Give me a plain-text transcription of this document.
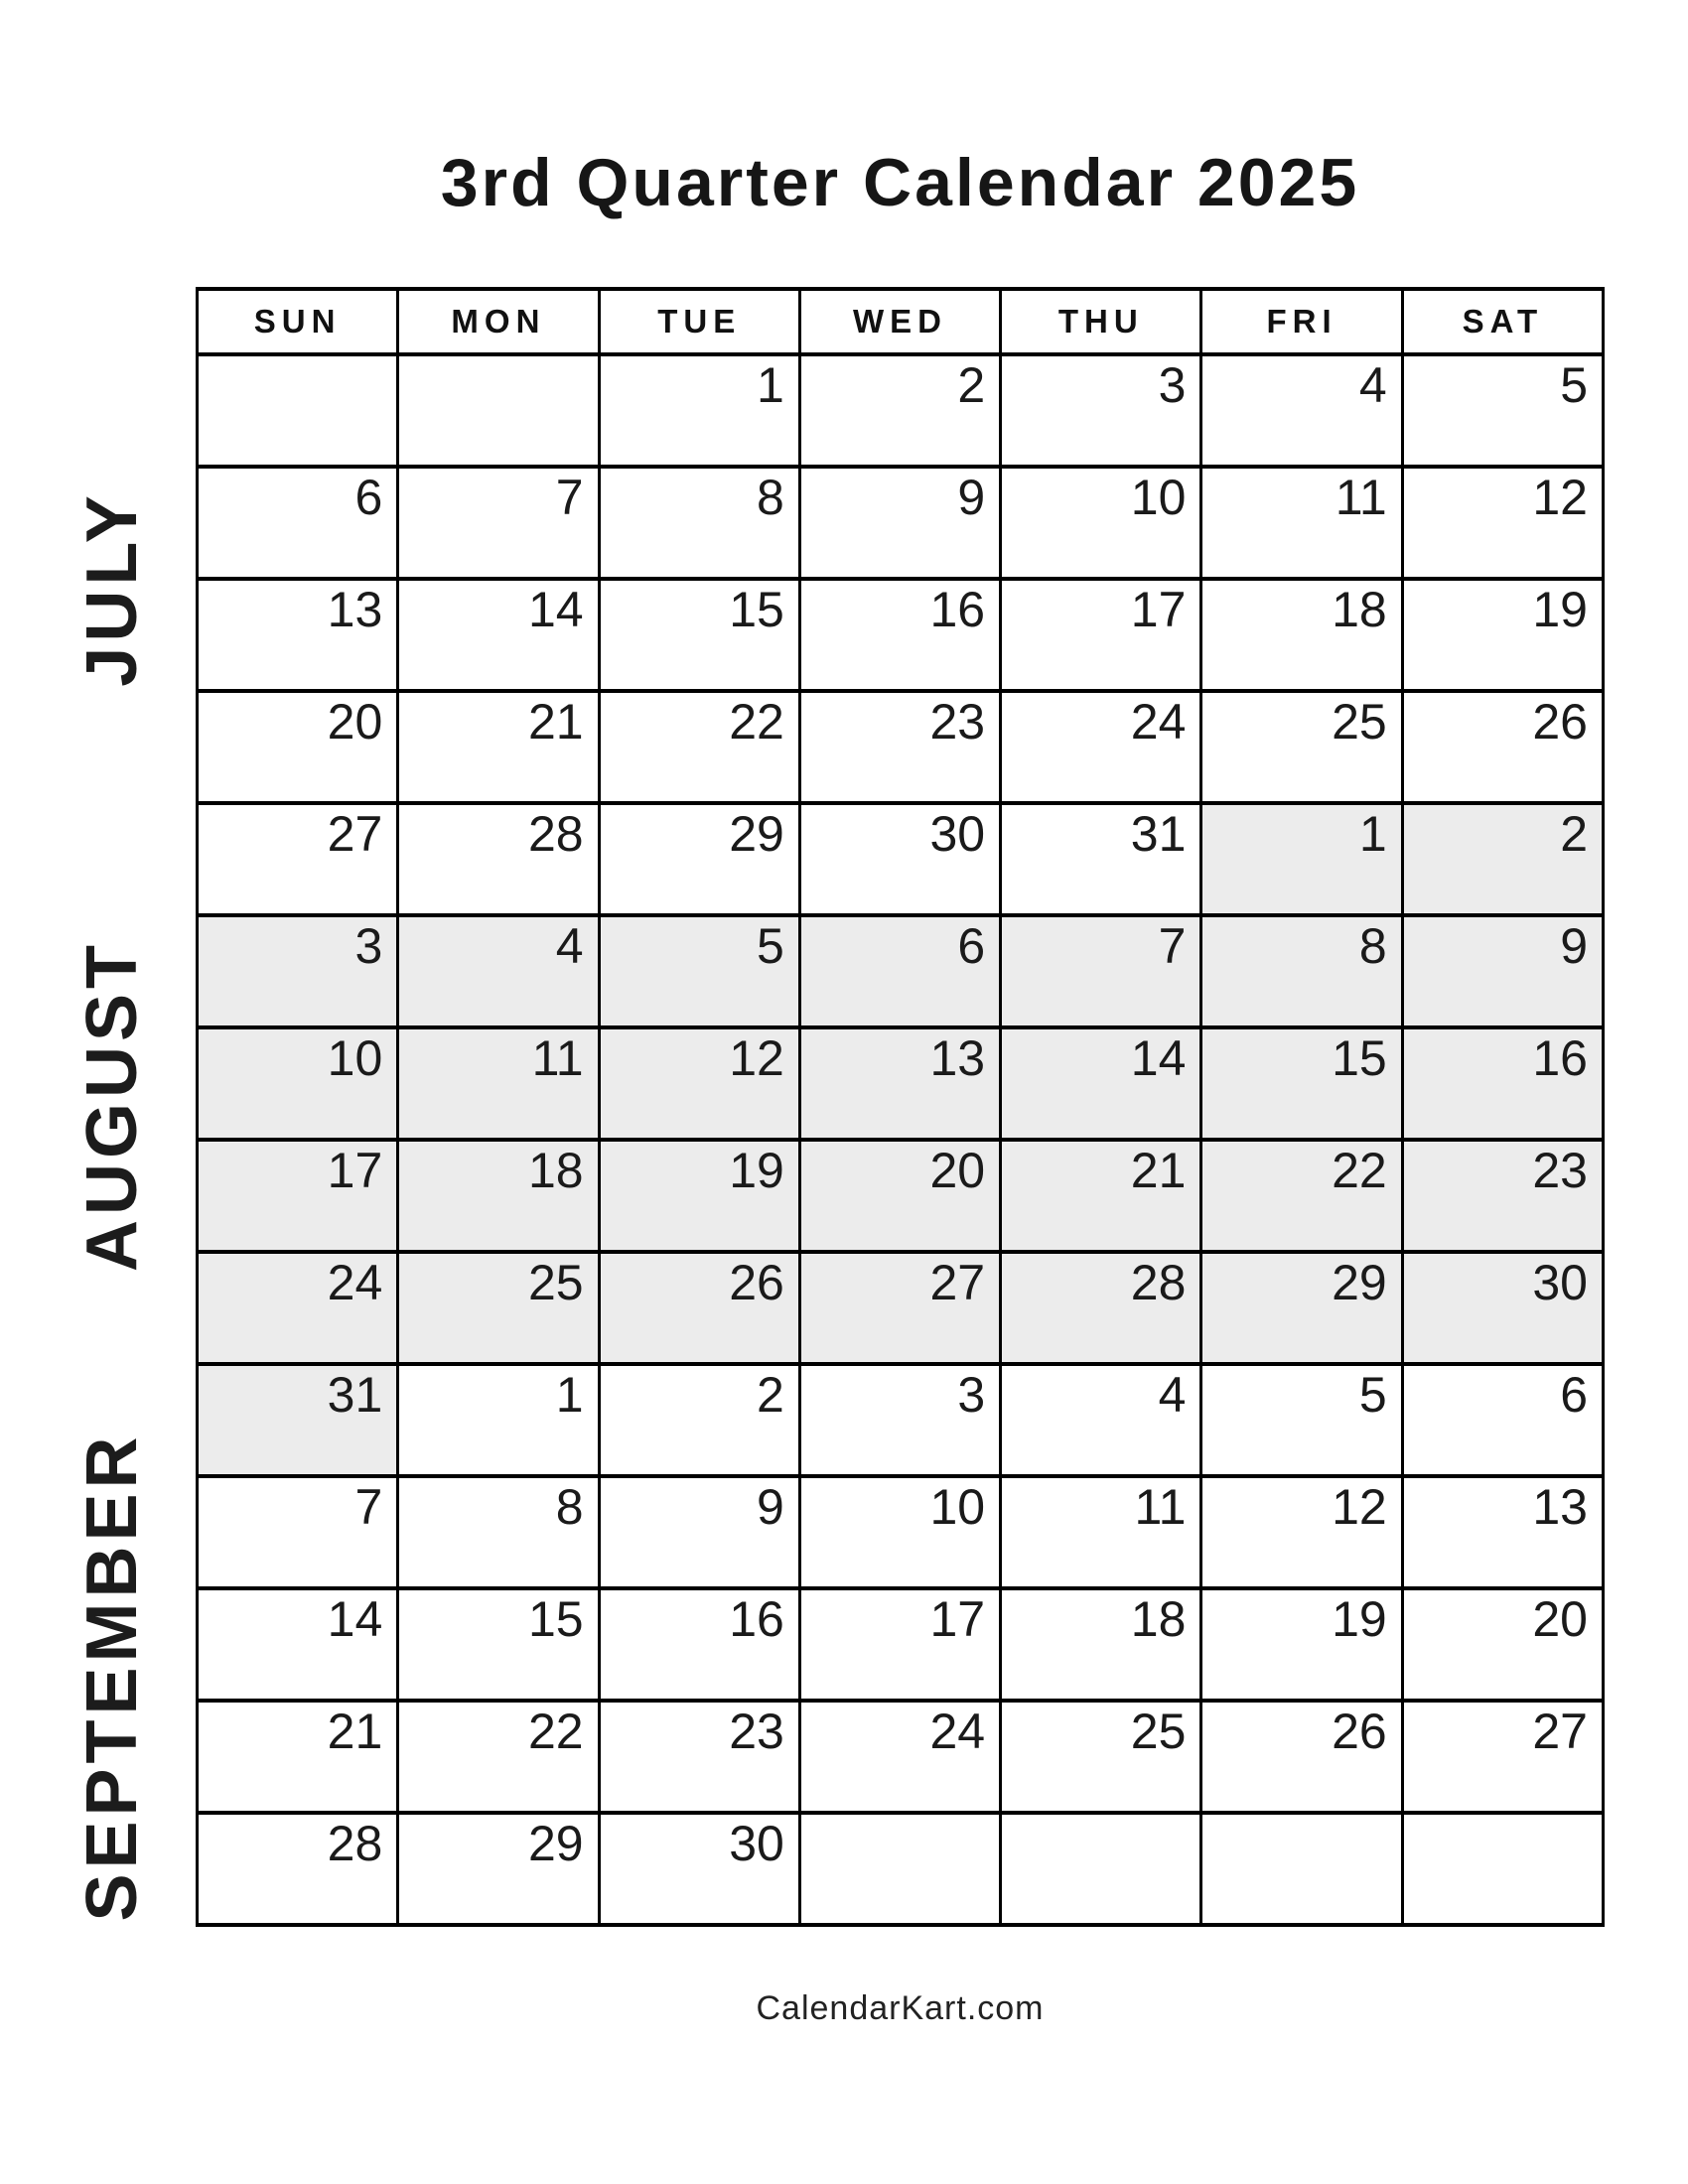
3rd Quarter Calendar 2025
JULY
AUGUST
SEPTEMBER
SUN	MON	TUE	WED	THU	FRI	SAT
		1	2	3	4	5
6	7	8	9	10	11	12
13	14	15	16	17	18	19
20	21	22	23	24	25	26
27	28	29	30	31	1	2
3	4	5	6	7	8	9
10	11	12	13	14	15	16
17	18	19	20	21	22	23
24	25	26	27	28	29	30
31	1	2	3	4	5	6
7	8	9	10	11	12	13
14	15	16	17	18	19	20
21	22	23	24	25	26	27
28	29	30				
CalendarKart.com
